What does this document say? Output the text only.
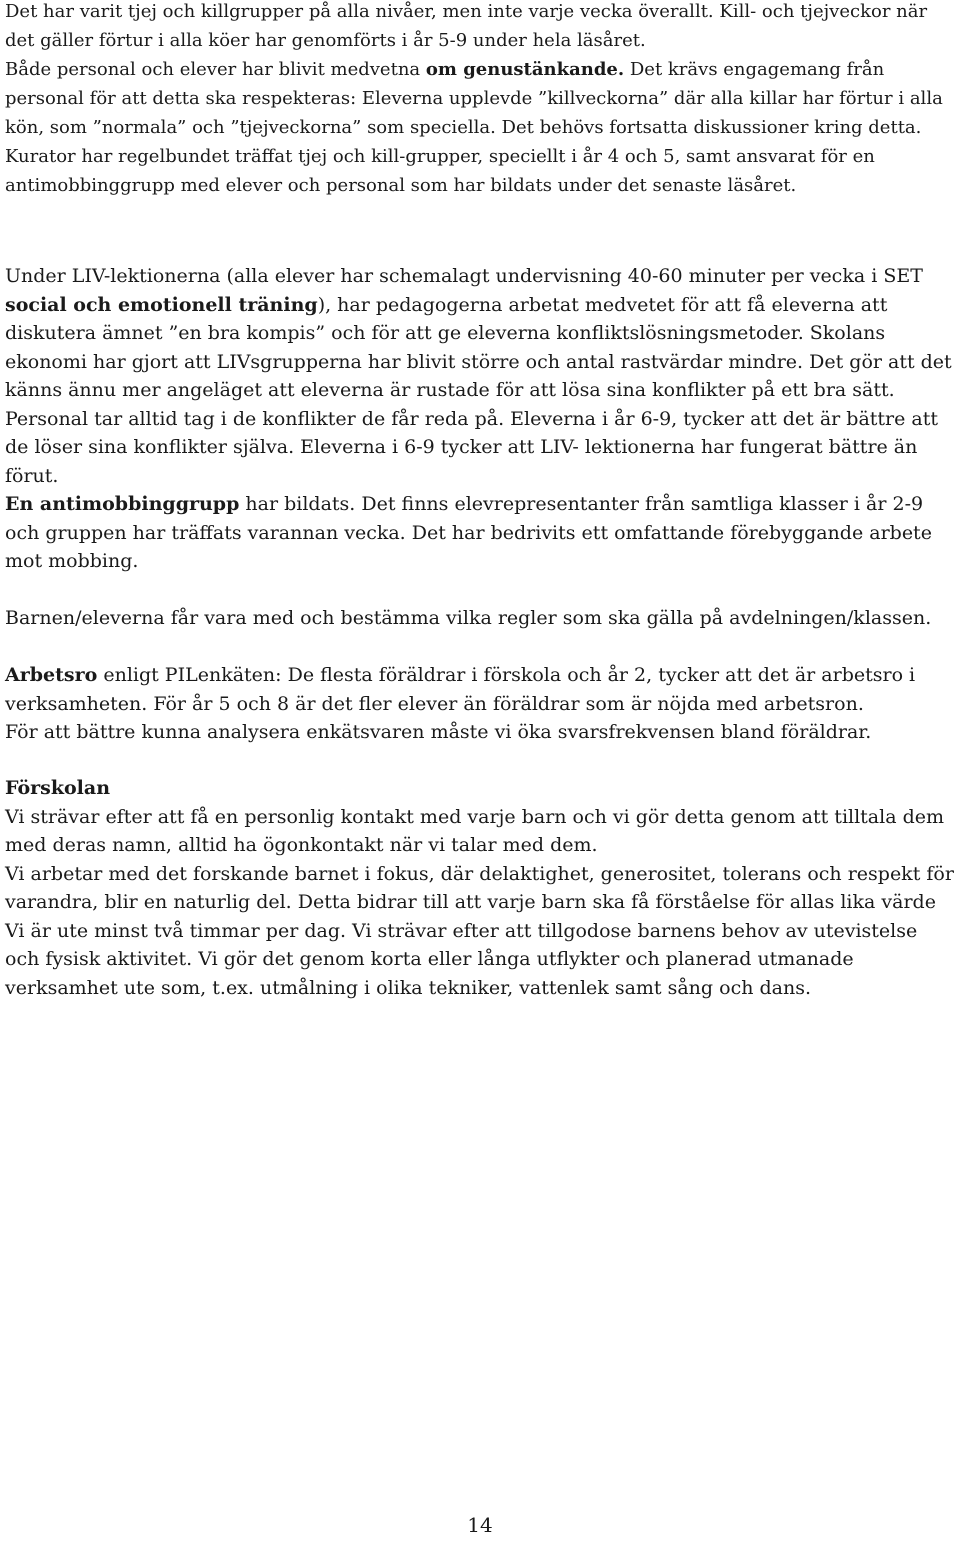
Det har varit tjej och killgrupper på alla nivåer, men inte varje vecka överallt. Kill- och tjejveckor när det gäller förtur i alla köer har genomförts i år 5-9 under hela läsåret.

Både personal och elever har blivit medvetna om genustänkande. Det krävs engagemang från personal för att detta ska respekteras: Eleverna upplevde ”killveckorna” där alla killar har förtur i alla kön, som ”normala” och ”tjejveckorna” som speciella. Det behövs fortsatta diskussioner kring detta. Kurator har regelbundet träffat tjej och kill-grupper, speciellt i år 4 och 5, samt ansvarat för en antimobbinggrupp med elever och personal som har bildats under det senaste läsåret.

Under LIV-lektionerna (alla elever har schemalagt undervisning 40-60 minuter per vecka i SET social och emotionell träning), har pedagogerna arbetat medvetet för att få eleverna att diskutera ämnet ”en bra kompis” och för att ge eleverna konfliktslösningsmetoder. Skolans ekonomi har gjort att LIVsgrupperna har blivit större och antal rastvärdar mindre. Det gör att det känns ännu mer angeläget att eleverna är rustade för att lösa sina konflikter på ett bra sätt. Personal tar alltid tag i de konflikter de får reda på. Eleverna i år 6-9, tycker att det är bättre att de löser sina konflikter själva. Eleverna i 6-9 tycker att LIV- lektionerna har fungerat bättre än förut.

En antimobbinggrupp har bildats. Det finns elevrepresentanter från samtliga klasser i år 2-9 och gruppen har träffats varannan vecka. Det har bedrivits ett omfattande förebyggande arbete mot mobbing.

Barnen/eleverna får vara med och bestämma vilka regler som ska gälla på avdelningen/klassen.

Arbetsro enligt PILenkäten: De flesta föräldrar i förskola och år 2, tycker att det är arbetsro i verksamheten. För år 5 och 8 är det fler elever än föräldrar som är nöjda med arbetsron.

För att bättre kunna analysera enkätsvaren måste vi öka svarsfrekvensen bland föräldrar.

Förskolan

Vi strävar efter att få en personlig kontakt med varje barn och vi gör detta genom att tilltala dem med deras namn, alltid ha ögonkontakt när vi talar med dem.

Vi arbetar med det forskande barnet i fokus, där delaktighet, generositet, tolerans och respekt för varandra, blir en naturlig del. Detta bidrar till att varje barn ska få förståelse för allas lika värde

Vi är ute minst två timmar per dag. Vi strävar efter att tillgodose barnens behov av utevistelse och fysisk aktivitet. Vi gör det genom korta eller långa utflykter och planerad utmanade verksamhet ute som, t.ex. utmålning i olika tekniker, vattenlek samt sång och dans.

14
